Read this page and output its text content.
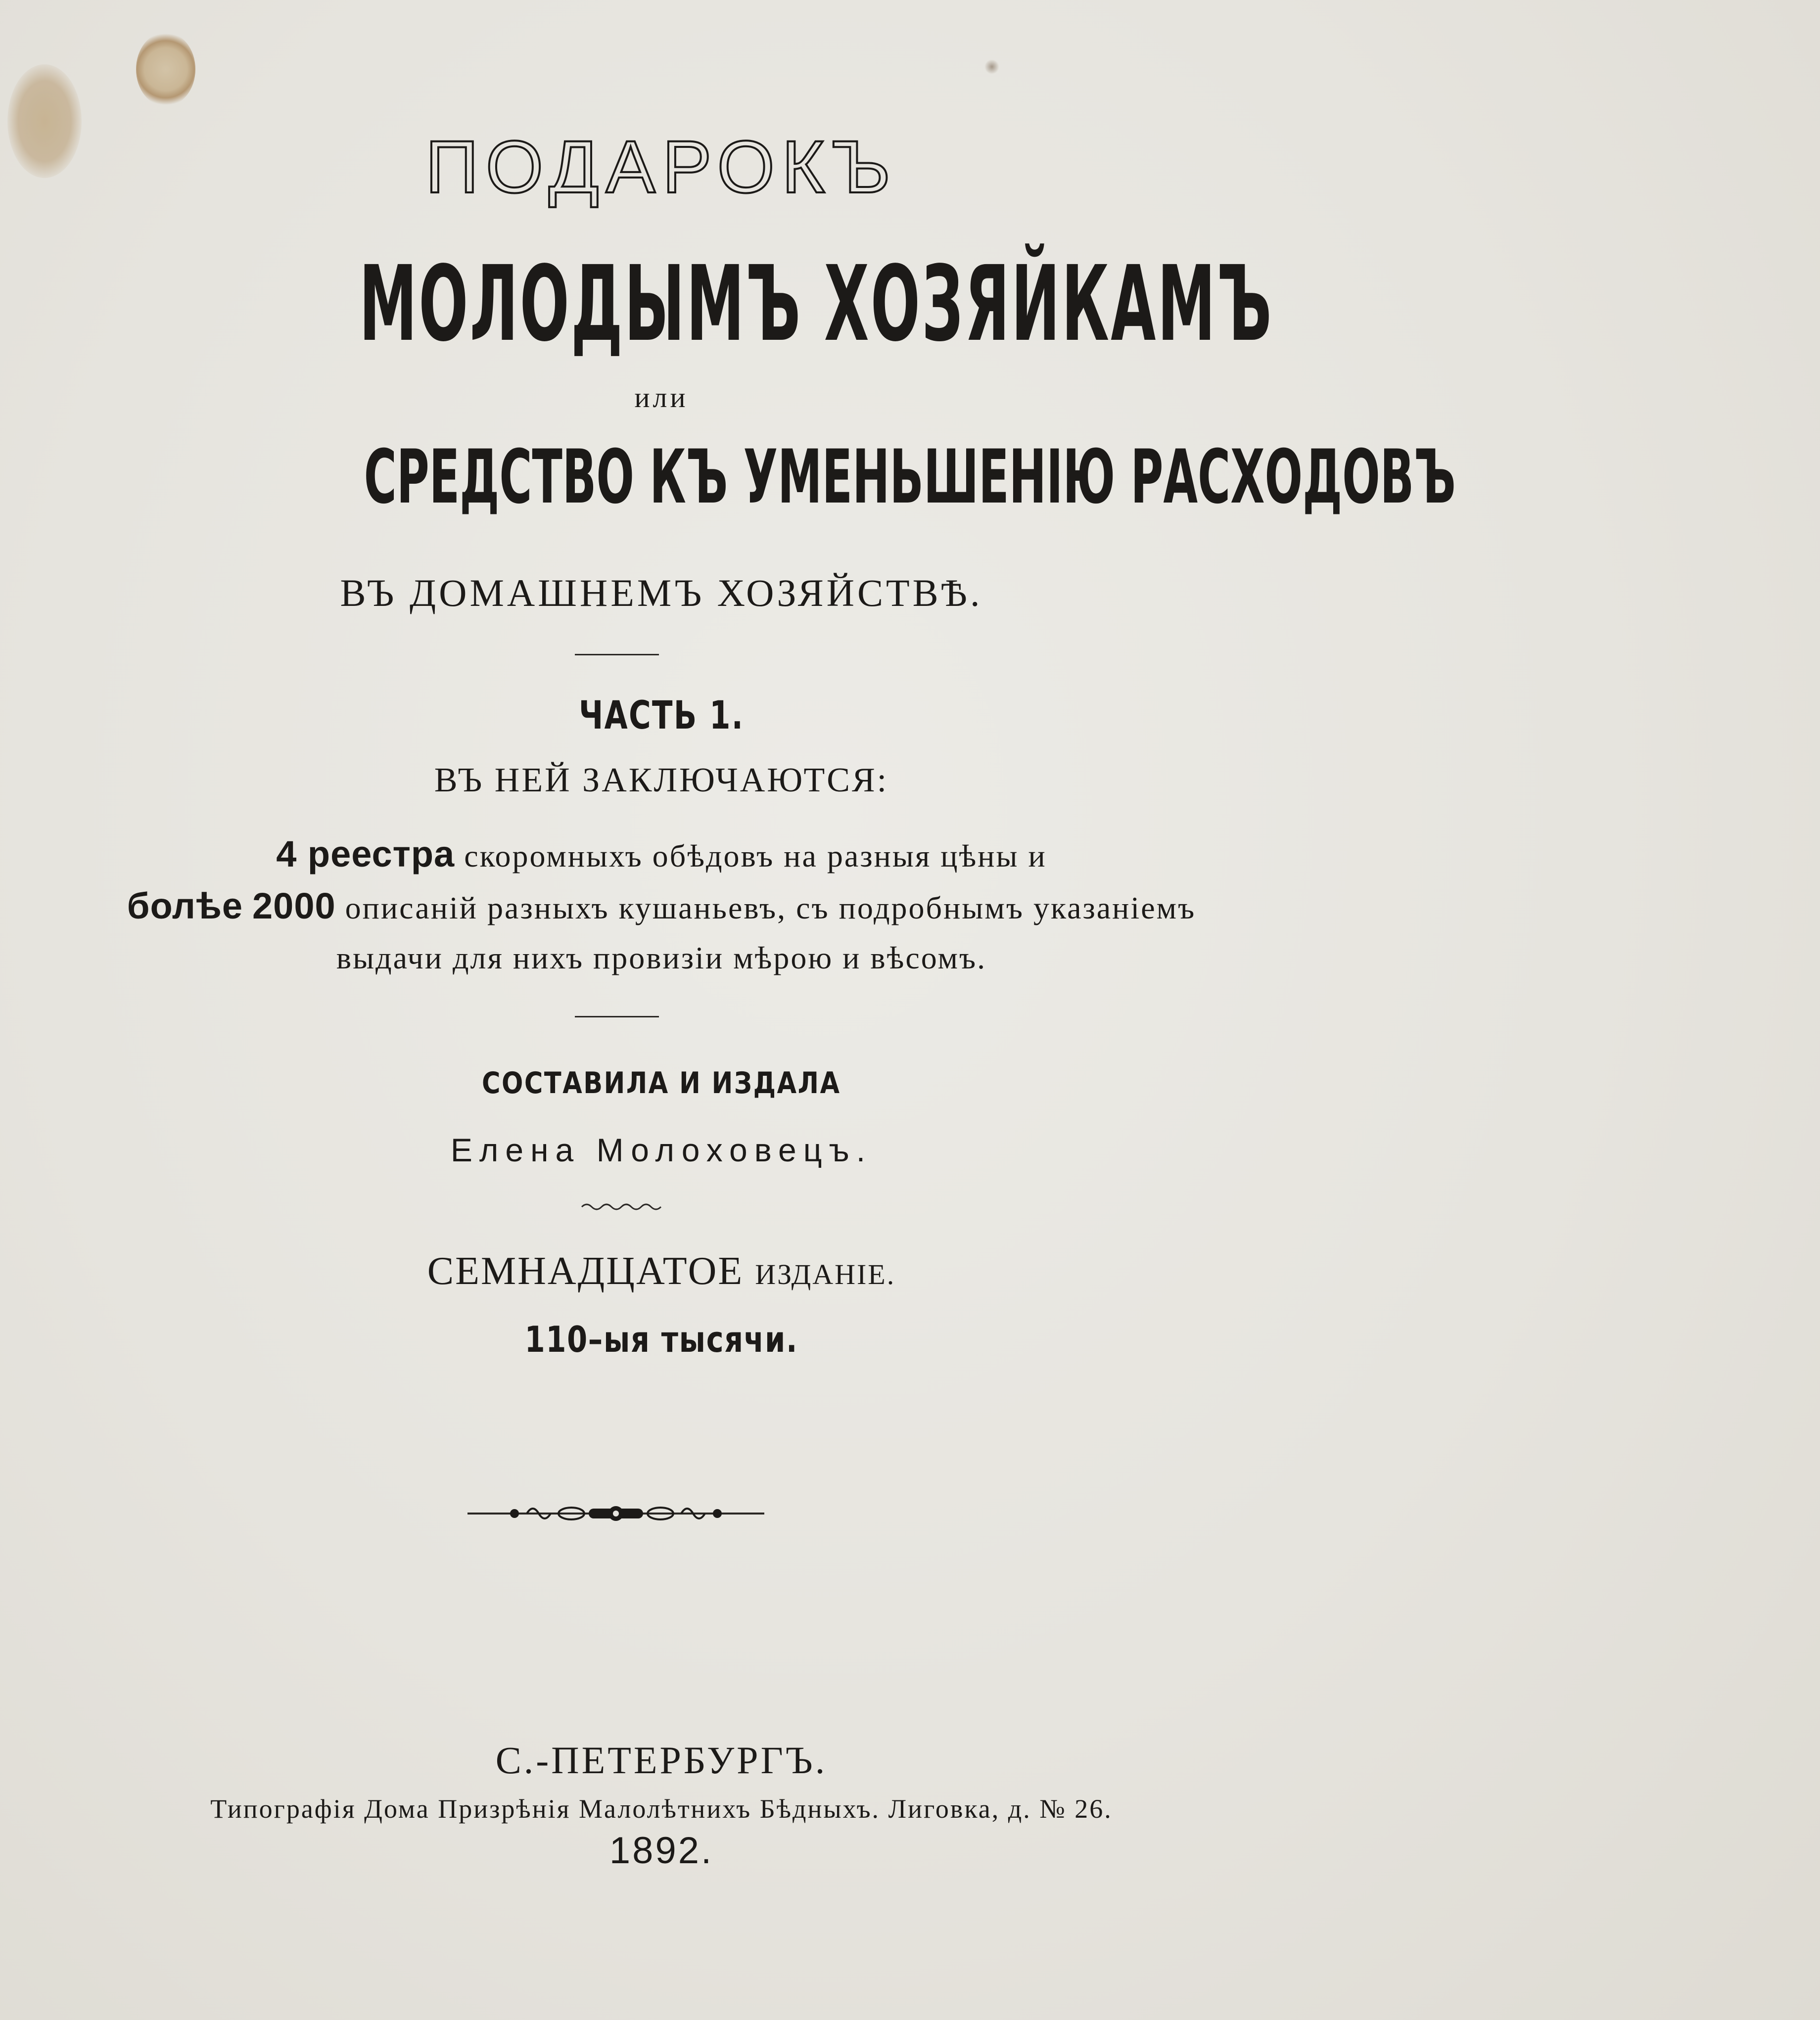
ПОДАРОКЪ
МОЛОДЫМЪ ХОЗЯЙКАМЪ
или
СРЕДСТВО КЪ УМЕНЬШЕНІЮ РАСХОДОВЪ
ВЪ ДОМАШНЕМЪ ХОЗЯЙСТВѢ.
ЧАСТЬ 1.
ВЪ НЕЙ ЗАКЛЮЧАЮТСЯ:
4 реестра скоромныхъ обѣдовъ на разныя цѣны и
болѣе 2000 описаній разныхъ кушаньевъ, съ подробнымъ указаніемъ
выдачи для нихъ провизіи мѣрою и вѣсомъ.
СОСТАВИЛА И ИЗДАЛА
Елена Молоховецъ.
СЕМНАДЦАТОЕ ИЗДАНІЕ.
110–ыя тысячи.
С.-ПЕТЕРБУРГЪ.
Типографія Дома Призрѣнія Малолѣтнихъ Бѣдныхъ. Лиговка, д. № 26.
1892.
